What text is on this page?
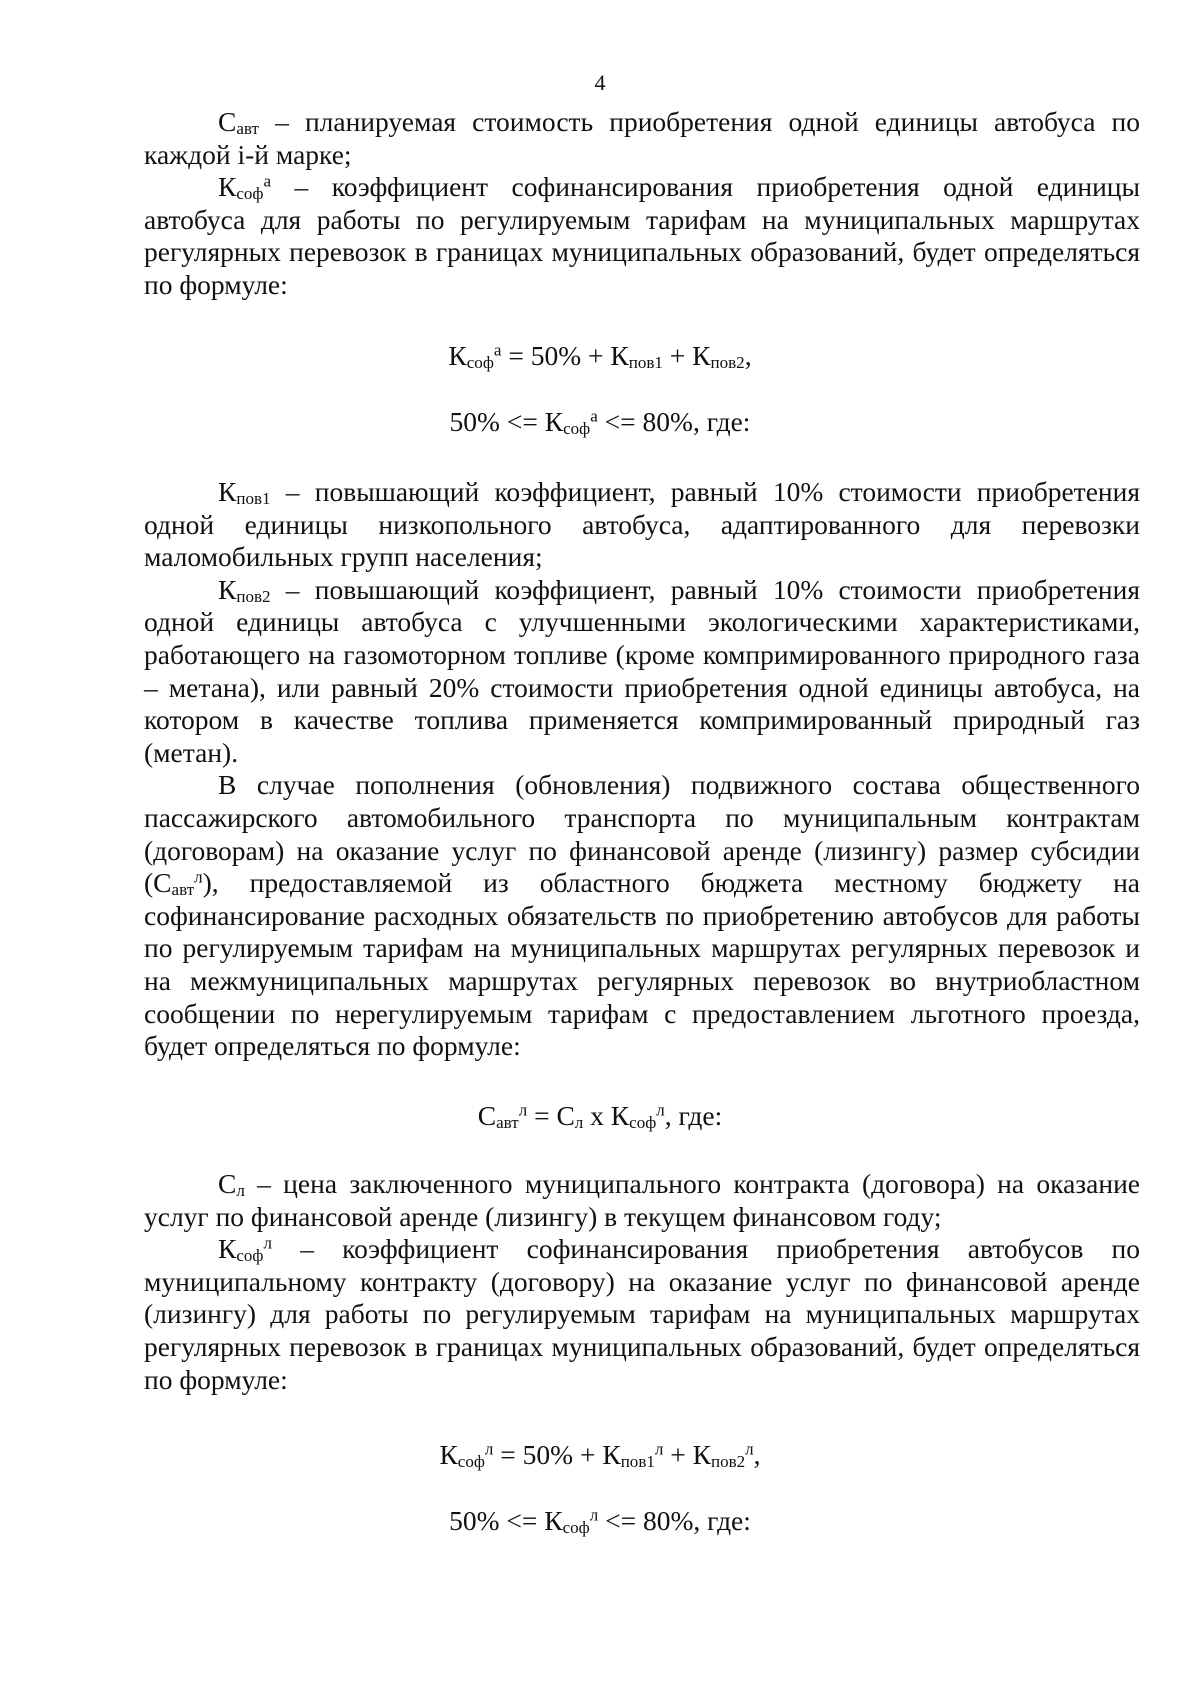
4

$С_{авт}$ – планируемая стоимость приобретения одной единицы автобуса по каждой i-й марке;

$К_{соф}^а$ – коэффициент софинансирования приобретения одной единицы автобуса для работы по регулируемым тарифам на муниципальных маршрутах регулярных перевозок в границах муниципальных образований, будет определяться по формуле:

$К_{соф}^а = 50\% + К_{пов1} + К_{пов2}$,
$50\% <= К_{соф}^а <= 80\%$, где:

$К_{пов1}$ – повышающий коэффициент, равный 10% стоимости приобретения одной единицы низкопольного автобуса, адаптированного для перевозки маломобильных групп населения;

$К_{пов2}$ – повышающий коэффициент, равный 10% стоимости приобретения одной единицы автобуса с улучшенными экологическими характеристиками, работающего на газомоторном топливе (кроме компримированного природного газа – метана), или равный 20% стоимости приобретения одной единицы автобуса, на котором в качестве топлива применяется компримированный природный газ (метан).

В случае пополнения (обновления) подвижного состава общественного пассажирского автомобильного транспорта по муниципальным контрактам (договорам) на оказание услуг по финансовой аренде (лизингу) размер субсидии $(С_{авт}^л)$, предоставляемой из областного бюджета местному бюджету на софинансирование расходных обязательств по приобретению автобусов для работы по регулируемым тарифам на муниципальных маршрутах регулярных перевозок и на межмуниципальных маршрутах регулярных перевозок во внутриобластном сообщении по нерегулируемым тарифам с предоставлением льготного проезда, будет определяться по формуле:

$С_{авт}^л = С_л$ х $К_{соф}^л$, где:

$С_л$ – цена заключенного муниципального контракта (договора) на оказание услуг по финансовой аренде (лизингу) в текущем финансовом году;

$К_{соф}^л$ – коэффициент софинансирования приобретения автобусов по муниципальному контракту (договору) на оказание услуг по финансовой аренде (лизингу) для работы по регулируемым тарифам на муниципальных маршрутах регулярных перевозок в границах муниципальных образований, будет определяться по формуле:

$К_{соф}^л = 50\% + К_{пов1}^л + К_{пов2}^л$,
$50\% <= К_{соф}^л <= 80\%$, где:
